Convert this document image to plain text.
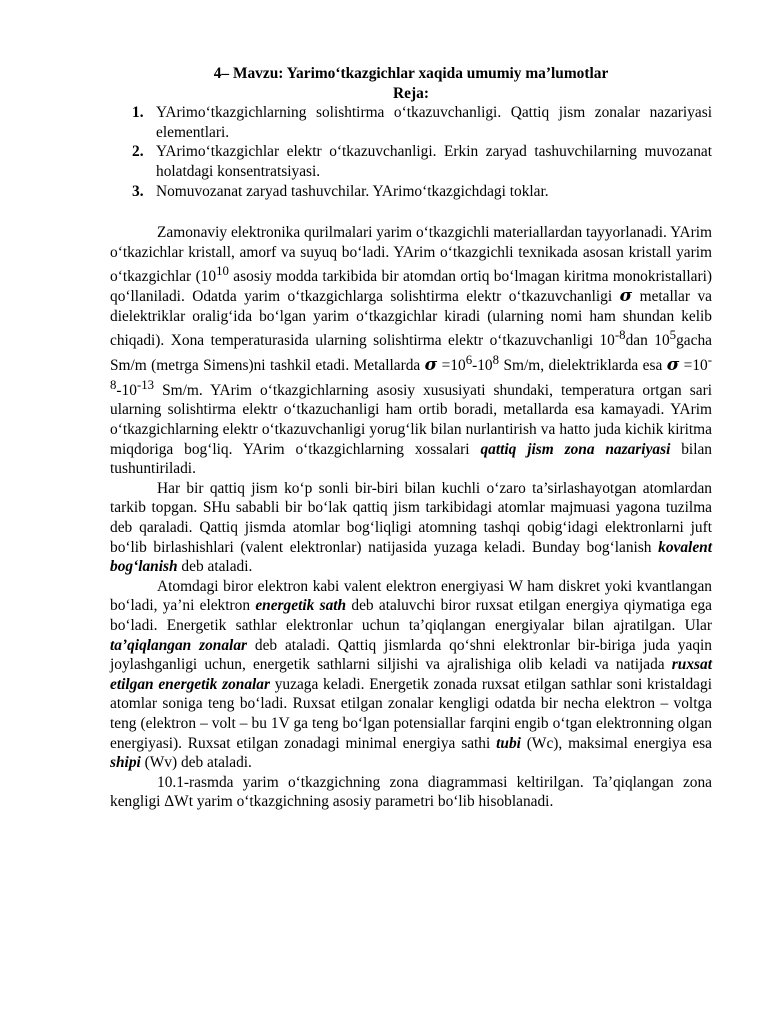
4– Mavzu: Yarimo‘tkazgichlar xaqida umumiy ma’lumotlar
Reja:
1. YArimo‘tkazgichlarning solishtirma o‘tkazuvchanligi. Qattiq jism zonalar nazariyasi elementlari.
2. YArimo‘tkazgichlar elektr o‘tkazuvchanligi. Erkin zaryad tashuvchilarning muvozanat holatdagi konsentratsiyasi.
3. Nomuvozanat zaryad tashuvchilar. YArimo‘tkazgichdagi toklar.

Zamonaviy elektronika qurilmalari yarim o‘tkazgichli materiallardan tayyorlanadi. YArim o‘tkazichlar kristall, amorf va suyuq bo‘ladi. YArim o‘tkazgichli texnikada asosan kristall yarim o‘tkazgichlar ($10^{10}$ asosiy modda tarkibida bir atomdan ortiq bo‘lmagan kiritma monokristallari) qo‘llaniladi. Odatda yarim o‘tkazgichlarga solishtirma elektr o‘tkazuvchanligi σ metallar va dielektriklar oralig‘ida bo‘lgan yarim o‘tkazgichlar kiradi (ularning nomi ham shundan kelib chiqadi). Xona temperaturasida ularning solishtirma elektr o‘tkazuvchanligi $10^{-8}dan$ $10^5gacha$ Sm/m (metrga Simens)ni tashkil etadi. Metallarda $\sigma =10^6-10^8$ Sm/m, dielektriklarda esa $\sigma =10^{-8}-10^{-13}$ Sm/m. YArim o‘tkazgichlarning asosiy xususiyati shundaki, temperatura ortgan sari ularning solishtirma elektr o‘tkazuchanligi ham ortib boradi, metallarda esa kamayadi. YArim o‘tkazgichlarning elektr o‘tkazuvchanligi yorug‘lik bilan nurlantirish va hatto juda kichik kiritma miqdoriga bog‘liq. YArim o‘tkazgichlarning xossalari qattiq jism zona nazariyasi bilan tushuntiriladi.

Har bir qattiq jism ko‘p sonli bir-biri bilan kuchli o‘zaro ta’sirlashayotgan atomlardan tarkib topgan. SHu sababli bir bo‘lak qattiq jism tarkibidagi atomlar majmuasi yagona tuzilma deb qaraladi. Qattiq jismda atomlar bog‘liqligi atomning tashqi qobig‘idagi elektronlarni juft bo‘lib birlashishlari (valent elektronlar) natijasida yuzaga keladi. Bunday bog‘lanish kovalent bog‘lanish deb ataladi.

Atomdagi biror elektron kabi valent elektron energiyasi W ham diskret yoki kvantlangan bo‘ladi, ya’ni elektron energetik sath deb ataluvchi biror ruxsat etilgan energiya qiymatiga ega bo‘ladi. Energetik sathlar elektronlar uchun ta’qiqlangan energiyalar bilan ajratilgan. Ular ta’qiqlangan zonalar deb ataladi. Qattiq jismlarda qo‘shni elektronlar bir-biriga juda yaqin joylashganligi uchun, energetik sathlarni siljishi va ajralishiga olib keladi va natijada ruxsat etilgan energetik zonalar yuzaga keladi. Energetik zonada ruxsat etilgan sathlar soni kristaldagi atomlar soniga teng bo‘ladi. Ruxsat etilgan zonalar kengligi odatda bir necha elektron – voltga teng (elektron – volt – bu 1V ga teng bo‘lgan potensiallar farqini engib o‘tgan elektronning olgan energiyasi). Ruxsat etilgan zonadagi minimal energiya sathi tubi (Wc), maksimal energiya esa shipi (Wv) deb ataladi.

10.1-rasmda yarim o‘tkazgichning zona diagrammasi keltirilgan. Ta’qiqlangan zona kengligi ΔWt yarim o‘tkazgichning asosiy parametri bo‘lib hisoblanadi.
